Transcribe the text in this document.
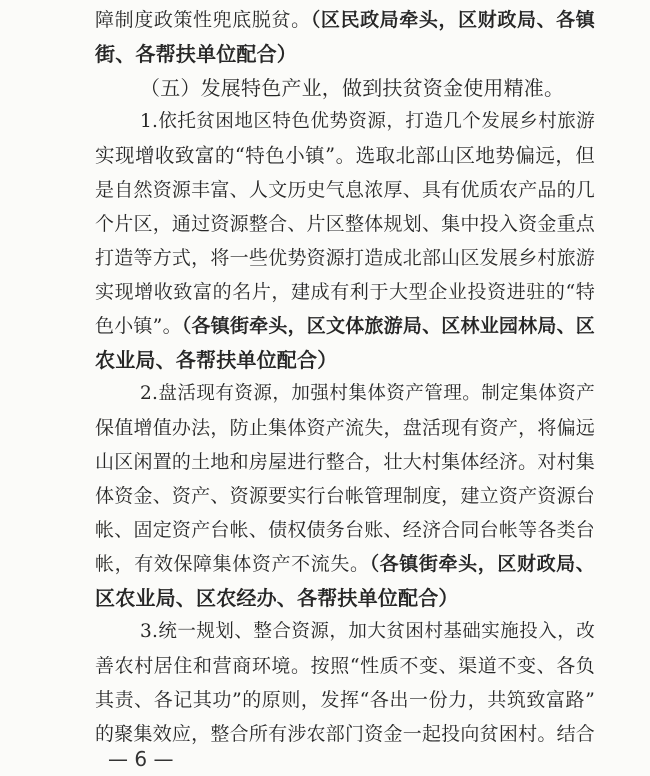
障制度政策性兜底脱贫。（区民政局牵头，区财政局、各镇
街、各帮扶单位配合）
（五）发展特色产业，做到扶贫资金使用精准。
1.依托贫困地区特色优势资源，打造几个发展乡村旅游
实现增收致富的“特色小镇”。选取北部山区地势偏远，但
是自然资源丰富、人文历史气息浓厚、具有优质农产品的几
个片区，通过资源整合、片区整体规划、集中投入资金重点
打造等方式，将一些优势资源打造成北部山区发展乡村旅游
实现增收致富的名片，建成有利于大型企业投资进驻的“特
色小镇”。（各镇街牵头，区文体旅游局、区林业园林局、区
农业局、各帮扶单位配合）
2.盘活现有资源，加强村集体资产管理。制定集体资产
保值增值办法，防止集体资产流失，盘活现有资产，将偏远
山区闲置的土地和房屋进行整合，壮大村集体经济。对村集
体资金、资产、资源要实行台帐管理制度，建立资产资源台
帐、固定资产台帐、债权债务台账、经济合同台帐等各类台
帐，有效保障集体资产不流失。（各镇街牵头，区财政局、
区农业局、区农经办、各帮扶单位配合）
3.统一规划、整合资源，加大贫困村基础实施投入，改
善农村居住和营商环境。按照“性质不变、渠道不变、各负
其责、各记其功”的原则，发挥“各出一份力，共筑致富路”
的聚集效应，整合所有涉农部门资金一起投向贫困村。结合
— 6 —
